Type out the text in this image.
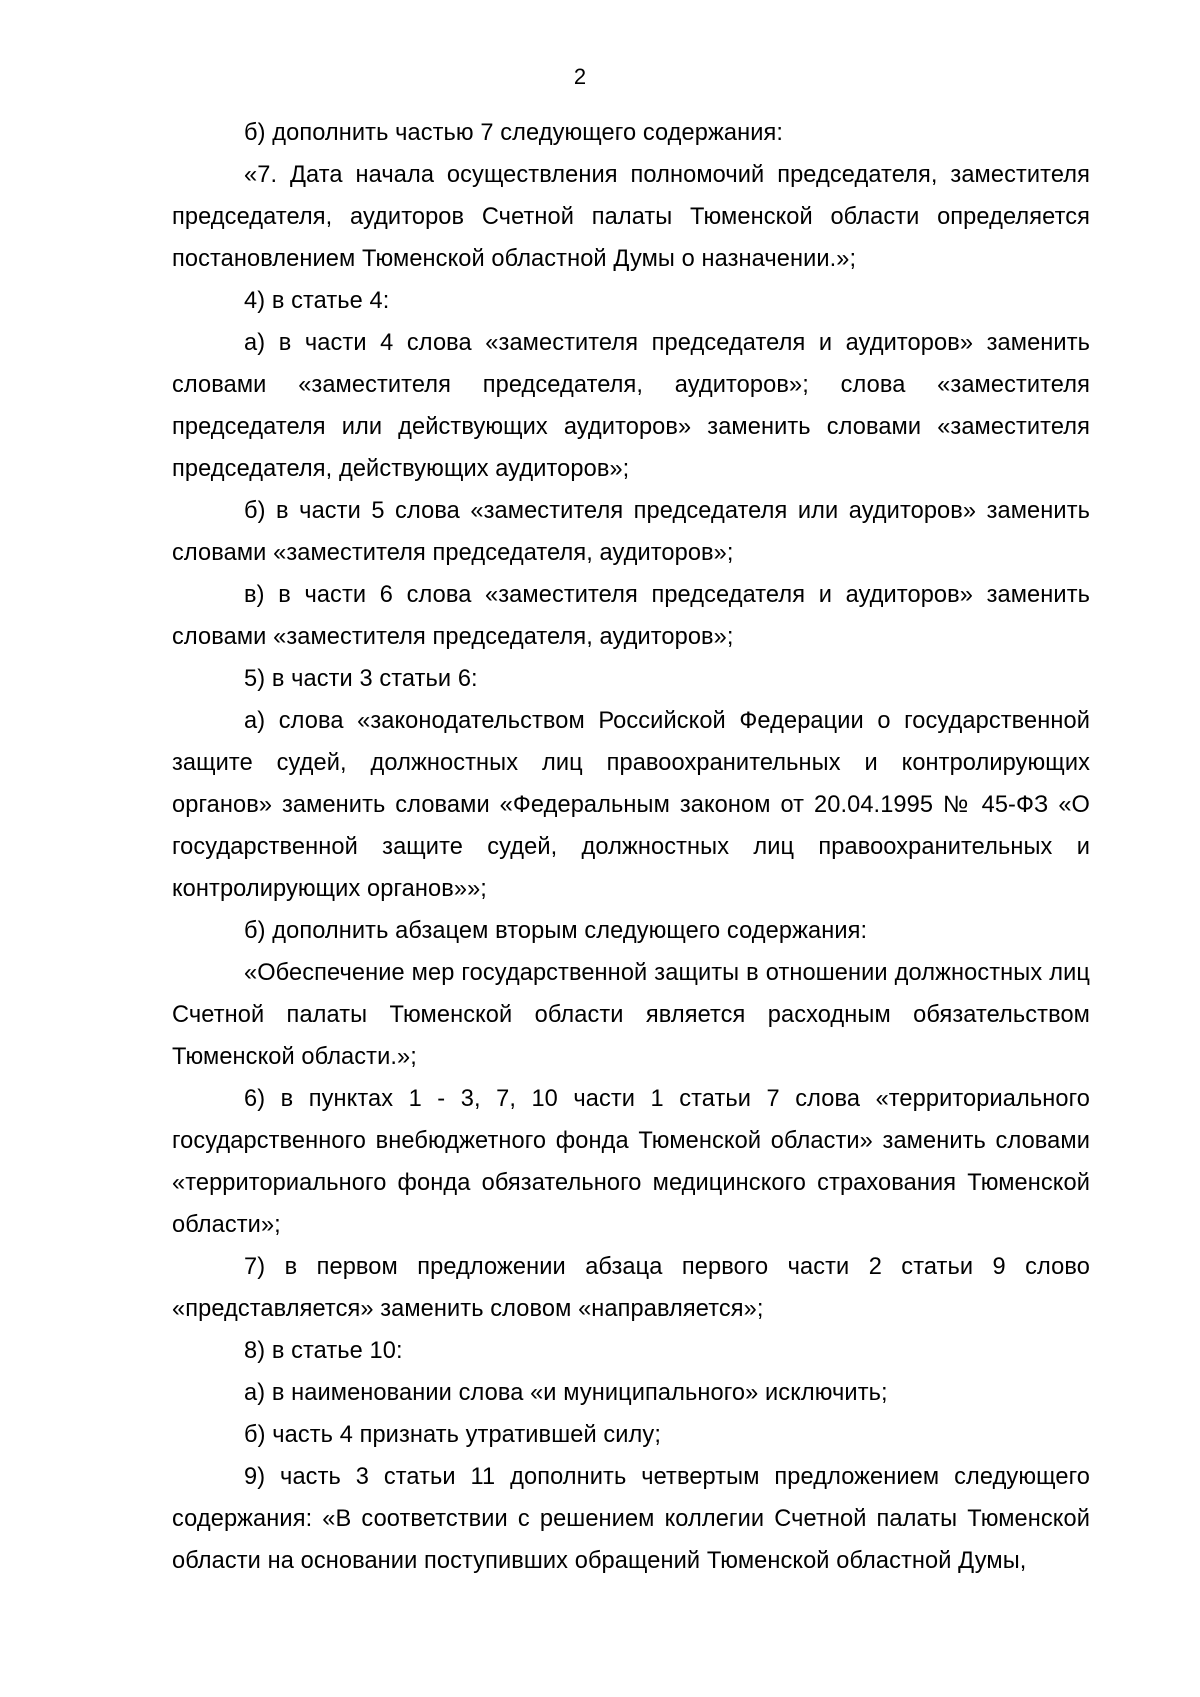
2

б) дополнить частью 7 следующего содержания:

«7. Дата начала осуществления полномочий председателя, заместителя председателя, аудиторов Счетной палаты Тюменской области определяется постановлением Тюменской областной Думы о назначении.»;

4) в статье 4:

а) в части 4 слова «заместителя председателя и аудиторов» заменить словами «заместителя председателя, аудиторов»; слова «заместителя председателя или действующих аудиторов» заменить словами «заместителя председателя, действующих аудиторов»;

б) в части 5 слова «заместителя председателя или аудиторов» заменить словами «заместителя председателя, аудиторов»;

в) в части 6 слова «заместителя председателя и аудиторов» заменить словами «заместителя председателя, аудиторов»;

5) в части 3 статьи 6:

а) слова «законодательством Российской Федерации о государственной защите судей, должностных лиц правоохранительных и контролирующих органов» заменить словами «Федеральным законом от 20.04.1995 № 45-ФЗ «О государственной защите судей, должностных лиц правоохранительных и контролирующих органов»»;

б) дополнить абзацем вторым следующего содержания:

«Обеспечение мер государственной защиты в отношении должностных лиц Счетной палаты Тюменской области является расходным обязательством Тюменской области.»;

6) в пунктах 1 - 3, 7, 10 части 1 статьи 7 слова «территориального государственного внебюджетного фонда Тюменской области» заменить словами «территориального фонда обязательного медицинского страхования Тюменской области»;

7) в первом предложении абзаца первого части 2 статьи 9 слово «представляется» заменить словом «направляется»;

8) в статье 10:

а) в наименовании слова «и муниципального» исключить;

б) часть 4 признать утратившей силу;

9) часть 3 статьи 11 дополнить четвертым предложением следующего содержания: «В соответствии с решением коллегии Счетной палаты Тюменской области на основании поступивших обращений Тюменской областной Думы,
